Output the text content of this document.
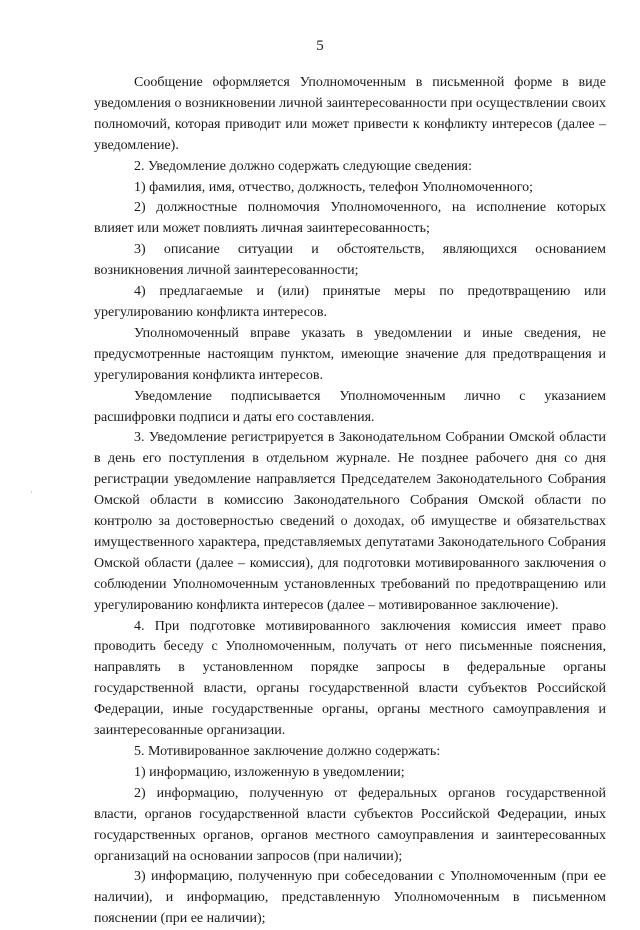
5
·

Сообщение оформляется Уполномоченным в письменной форме в виде уведомления о возникновении личной заинтересованности при осуществлении своих полномочий, которая приводит или может привести к конфликту интересов (далее – уведомление).

2. Уведомление должно содержать следующие сведения:

1) фамилия, имя, отчество, должность, телефон Уполномоченного;

2) должностные полномочия Уполномоченного, на исполнение которых влияет или может повлиять личная заинтересованность;

3) описание ситуации и обстоятельств, являющихся основанием возникновения личной заинтересованности;

4) предлагаемые и (или) принятые меры по предотвращению или урегулированию конфликта интересов.

Уполномоченный вправе указать в уведомлении и иные сведения, не предусмотренные настоящим пунктом, имеющие значение для предотвращения и урегулирования конфликта интересов.

Уведомление подписывается Уполномоченным лично с указанием расшифровки подписи и даты его составления.

3. Уведомление регистрируется в Законодательном Собрании Омской области в день его поступления в отдельном журнале. Не позднее рабочего дня со дня регистрации уведомление направляется Председателем Законодательного Собрания Омской области в комиссию Законодательного Собрания Омской области по контролю за достоверностью сведений о доходах, об имуществе и обязательствах имущественного характера, представляемых депутатами Законодательного Собрания Омской области (далее – комиссия), для подготовки мотивированного заключения о соблюдении Уполномоченным установленных требований по предотвращению или урегулированию конфликта интересов (далее – мотивированное заключение).

4. При подготовке мотивированного заключения комиссия имеет право проводить беседу с Уполномоченным, получать от него письменные пояснения, направлять в установленном порядке запросы в федеральные органы государственной власти, органы государственной власти субъектов Российской Федерации, иные государственные органы, органы местного самоуправления и заинтересованные организации.

5. Мотивированное заключение должно содержать:

1) информацию, изложенную в уведомлении;

2) информацию, полученную от федеральных органов государственной власти, органов государственной власти субъектов Российской Федерации, иных государственных органов, органов местного самоуправления и заинтересованных организаций на основании запросов (при наличии);

3) информацию, полученную при собеседовании с Уполномоченным (при ее наличии), и информацию, представленную Уполномоченным в письменном пояснении (при ее наличии);
